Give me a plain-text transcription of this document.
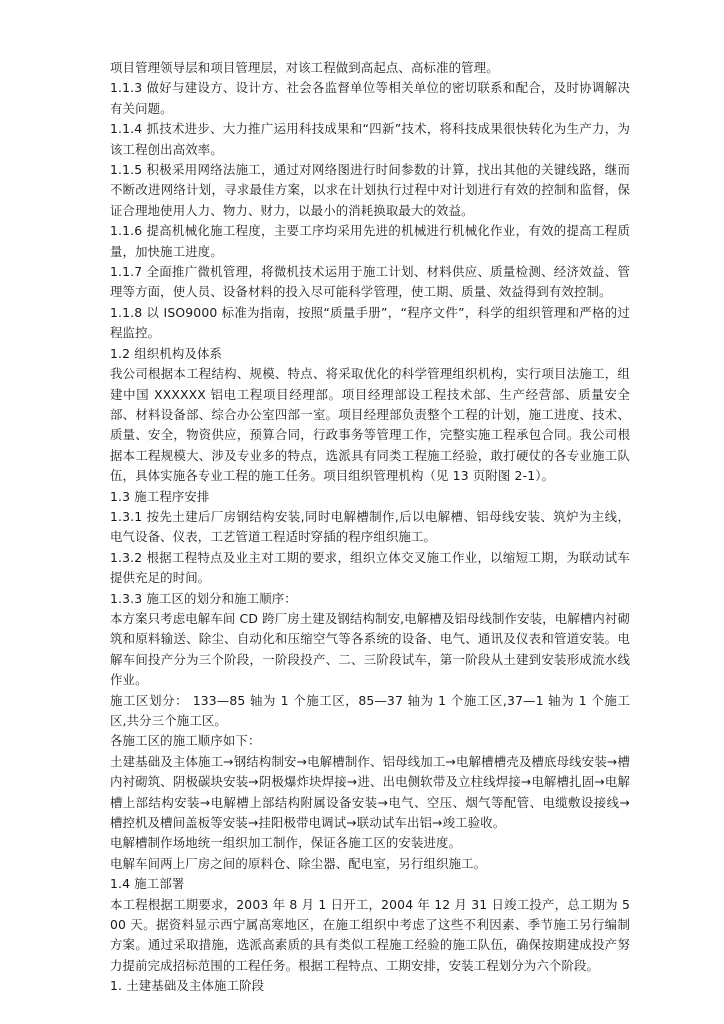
项目管理领导层和项目管理层，对该工程做到高起点、高标准的管理。

1.1.3 做好与建设方、设计方、社会各监督单位等相关单位的密切联系和配合，及时协调解决有关问题。

1.1.4 抓技术进步、大力推广运用科技成果和“四新”技术，将科技成果很快转化为生产力，为该工程创出高效率。

1.1.5 积极采用网络法施工，通过对网络图进行时间参数的计算，找出其他的关键线路，继而不断改进网络计划，寻求最佳方案，以求在计划执行过程中对计划进行有效的控制和监督，保证合理地使用人力、物力、财力，以最小的消耗换取最大的效益。

1.1.6 提高机械化施工程度，主要工序均采用先进的机械进行机械化作业，有效的提高工程质量，加快施工进度。

1.1.7 全面推广微机管理，将微机技术运用于施工计划、材料供应、质量检测、经济效益、管理等方面，使人员、设备材料的投入尽可能科学管理，使工期、质量、效益得到有效控制。

1.1.8 以 ISO9000 标准为指南，按照“质量手册”，“程序文件”，科学的组织管理和严格的过程监控。

1.2 组织机构及体系

我公司根据本工程结构、规模、特点、将采取优化的科学管理组织机构，实行项目法施工，组建中国 XXXXXX 铝电工程项目经理部。项目经理部设工程技术部、生产经营部、质量安全部、材料设备部、综合办公室四部一室。项目经理部负责整个工程的计划，施工进度、技术、质量、安全，物资供应，预算合同，行政事务等管理工作，完整实施工程承包合同。我公司根据本工程规模大、涉及专业多的特点，选派具有同类工程施工经验，敢打硬仗的各专业施工队伍，具体实施各专业工程的施工任务。项目组织管理机构（见 13 页附图 2-1）。

1.3 施工程序安排

1.3.1 按先土建后厂房钢结构安装,同时电解槽制作,后以电解槽、铝母线安装、筑炉为主线，电气设备、仪表，工艺管道工程适时穿插的程序组织施工。

1.3.2 根据工程特点及业主对工期的要求，组织立体交叉施工作业，以缩短工期，为联动试车提供充足的时间。

1.3.3 施工区的划分和施工顺序：

本方案只考虑电解车间 CD 跨厂房土建及钢结构制安,电解槽及铝母线制作安装，电解槽内衬砌筑和原料输送、除尘、自动化和压缩空气等各系统的设备、电气、通讯及仪表和管道安装。电解车间投产分为三个阶段，一阶段投产、二、三阶段试车，第一阶段从土建到安装形成流水线作业。

施工区划分： 133—85 轴为 1 个施工区，85—37 轴为 1 个施工区,37—1 轴为 1 个施工区,共分三个施工区。

各施工区的施工顺序如下：

土建基础及主体施工→钢结构制安→电解槽制作、铝母线加工→电解槽槽壳及槽底母线安装→槽内衬砌筑、阴极碳块安装→阴极爆炸块焊接→进、出电侧软带及立柱线焊接→电解槽扎固→电解槽上部结构安装→电解槽上部结构附属设备安装→电气、空压、烟气等配管、电缆敷设接线→槽控机及槽间盖板等安装→挂阳极带电调试→联动试车出铝→竣工验收。

电解槽制作场地统一组织加工制作，保证各施工区的安装进度。

电解车间两上厂房之间的原料仓、除尘器、配电室，另行组织施工。

1.4 施工部署

本工程根据工期要求，2003 年 8 月 1 日开工，2004 年 12 月 31 日竣工投产，总工期为 500 天。据资料显示西宁属高寒地区，在施工组织中考虑了这些不利因素、季节施工另行编制方案。通过采取措施，选派高素质的具有类似工程施工经验的施工队伍，确保按期建成投产努力提前完成招标范围的工程任务。根据工程特点、工期安排，安装工程划分为六个阶段。

1. 土建基础及主体施工阶段
